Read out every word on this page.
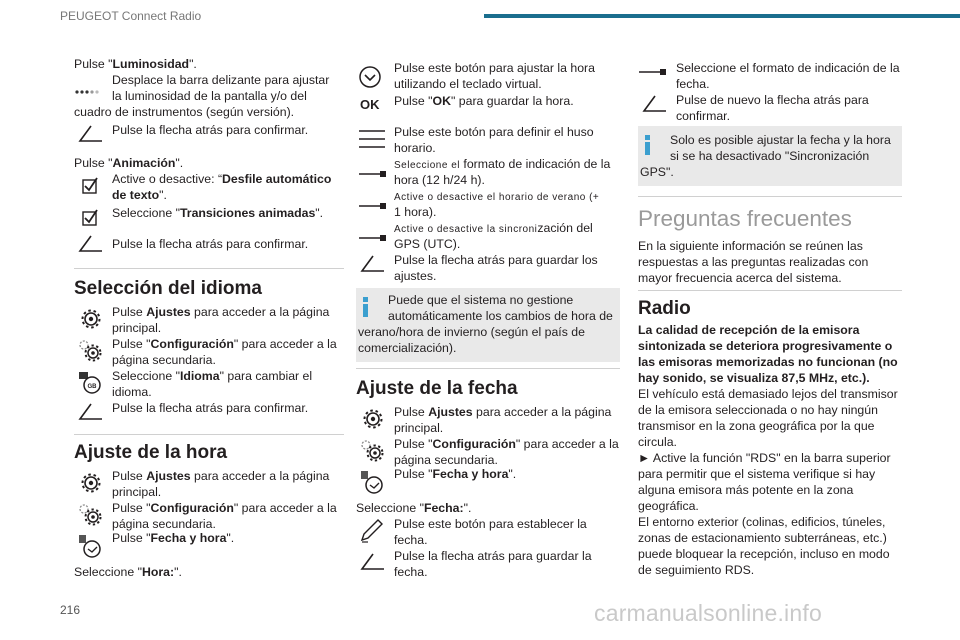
PEUGEOT Connect Radio
Pulse "Luminosidad".
Desplace la barra delizante para ajustar
la luminosidad de la pantalla y/o del
cuadro de instrumentos (según versión).
Pulse la flecha atrás para confirmar.
Pulse "Animación".
Active o desactive: “Desfile automático
de texto".
Seleccione "Transiciones animadas".
Pulse la flecha atrás para confirmar.
Selección del idioma
Pulse Ajustes para acceder a la página
principal.
Pulse "Configuración" para acceder a la
página secundaria.
GB
Seleccione "Idioma" para cambiar el
idioma.
Pulse la flecha atrás para confirmar.
Ajuste de la hora
Pulse Ajustes para acceder a la página
principal.
Pulse "Configuración" para acceder a la
página secundaria.
Pulse "Fecha y hora".
Seleccione "Hora:".
Pulse este botón para ajustar la hora
utilizando el teclado virtual.
OK Pulse "OK" para guardar la hora.
Pulse este botón para definir el huso
horario.
Seleccione el formato de indicación de la
hora (12 h/24 h).
Active o desactive el horario de verano (+
1 hora).
Active o desactive la sincronización del
GPS (UTC).
Pulse la flecha atrás para guardar los
ajustes.
Puede que el sistema no gestione
automáticamente los cambios de hora de
verano/hora de invierno (según el país de
comercialización).
Ajuste de la fecha
Pulse Ajustes para acceder a la página
principal.
Pulse "Configuración" para acceder a la
página secundaria.
Pulse "Fecha y hora".
Seleccione "Fecha:".
Pulse este botón para establecer la fecha.
Pulse la flecha atrás para guardar la
fecha.
Seleccione el formato de indicación de la
fecha.
Pulse de nuevo la flecha atrás para
confirmar.
Solo es posible ajustar la fecha y la hora
si se ha desactivado "Sincronización
GPS".
Preguntas frecuentes
En la siguiente información se reúnen las
respuestas a las preguntas realizadas con
mayor frecuencia acerca del sistema.
Radio
La calidad de recepción de la emisora
sintonizada se deteriora progresivamente o
las emisoras memorizadas no funcionan (no
hay sonido, se visualiza 87,5 MHz, etc.).
El vehículo está demasiado lejos del transmisor
de la emisora seleccionada o no hay ningún
transmisor en la zona geográfica por la que
circula.
► Active la función "RDS" en la barra superior
para permitir que el sistema verifique si hay
alguna emisora más potente en la zona
geográfica.
El entorno exterior (colinas, edificios, túneles,
zonas de estacionamiento subterráneas, etc.)
puede bloquear la recepción, incluso en modo
de seguimiento RDS.
216	carmanualsonline.info
